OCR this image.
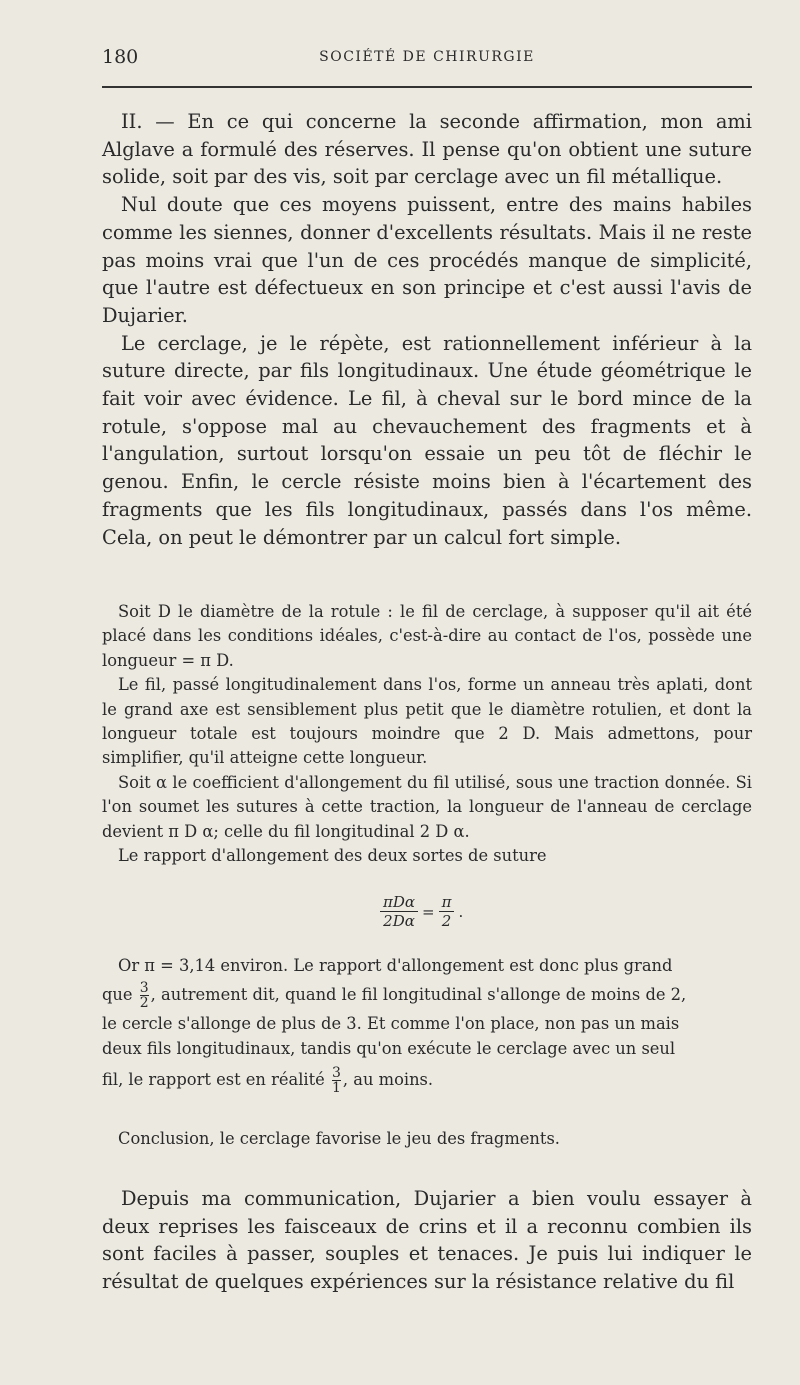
180	SOCIÉTÉ DE CHIRURGIE

II. — En ce qui concerne la seconde affirmation, mon ami Alglave a formulé des réserves. Il pense qu'on obtient une suture solide, soit par des vis, soit par cerclage avec un fil métallique.

Nul doute que ces moyens puissent, entre des mains habiles comme les siennes, donner d'excellents résultats. Mais il ne reste pas moins vrai que l'un de ces procédés manque de simplicité, que l'autre est défectueux en son principe et c'est aussi l'avis de Dujarier.

Le cerclage, je le répète, est rationnellement inférieur à la suture directe, par fils longitudinaux. Une étude géométrique le fait voir avec évidence. Le fil, à cheval sur le bord mince de la rotule, s'oppose mal au chevauchement des fragments et à l'angulation, surtout lorsqu'on essaie un peu tôt de fléchir le genou. Enfin, le cercle résiste moins bien à l'écartement des fragments que les fils longitudinaux, passés dans l'os même. Cela, on peut le démontrer par un calcul fort simple.

Soit D le diamètre de la rotule : le fil de cerclage, à supposer qu'il ait été placé dans les conditions idéales, c'est-à-dire au contact de l'os, possède une longueur = π D.

Le fil, passé longitudinalement dans l'os, forme un anneau très aplati, dont le grand axe est sensiblement plus petit que le diamètre rotulien, et dont la longueur totale est toujours moindre que 2 D. Mais admettons, pour simplifier, qu'il atteigne cette longueur.

Soit α le coefficient d'allongement du fil utilisé, sous une traction donnée. Si l'on soumet les sutures à cette traction, la longueur de l'anneau de cerclage devient π D α; celle du fil longitudinal 2 D α.

Le rapport d'allongement des deux sortes de suture

$\frac{\text{πDα}}{2D\alpha} = \frac{\pi}{2}$ .
Or π = 3,14 environ. Le rapport d'allongement est donc plus grand
que $\frac{3}{2}$ , autrement dit, quand le fil longitudinal s'allonge de moins de 2,
le cercle s'allonge de plus de 3. Et comme l'on place, non pas un mais
deux fils longitudinaux, tandis qu'on exécute le cerclage avec un seul
fil, le rapport est en réalité $\frac{3}{1}$ , au moins.
Conclusion, le cerclage favorise le jeu des fragments.

Depuis ma communication, Dujarier a bien voulu essayer à deux reprises les faisceaux de crins et il a reconnu combien ils sont faciles à passer, souples et tenaces. Je puis lui indiquer le résultat de quelques expériences sur la résistance relative du fil
